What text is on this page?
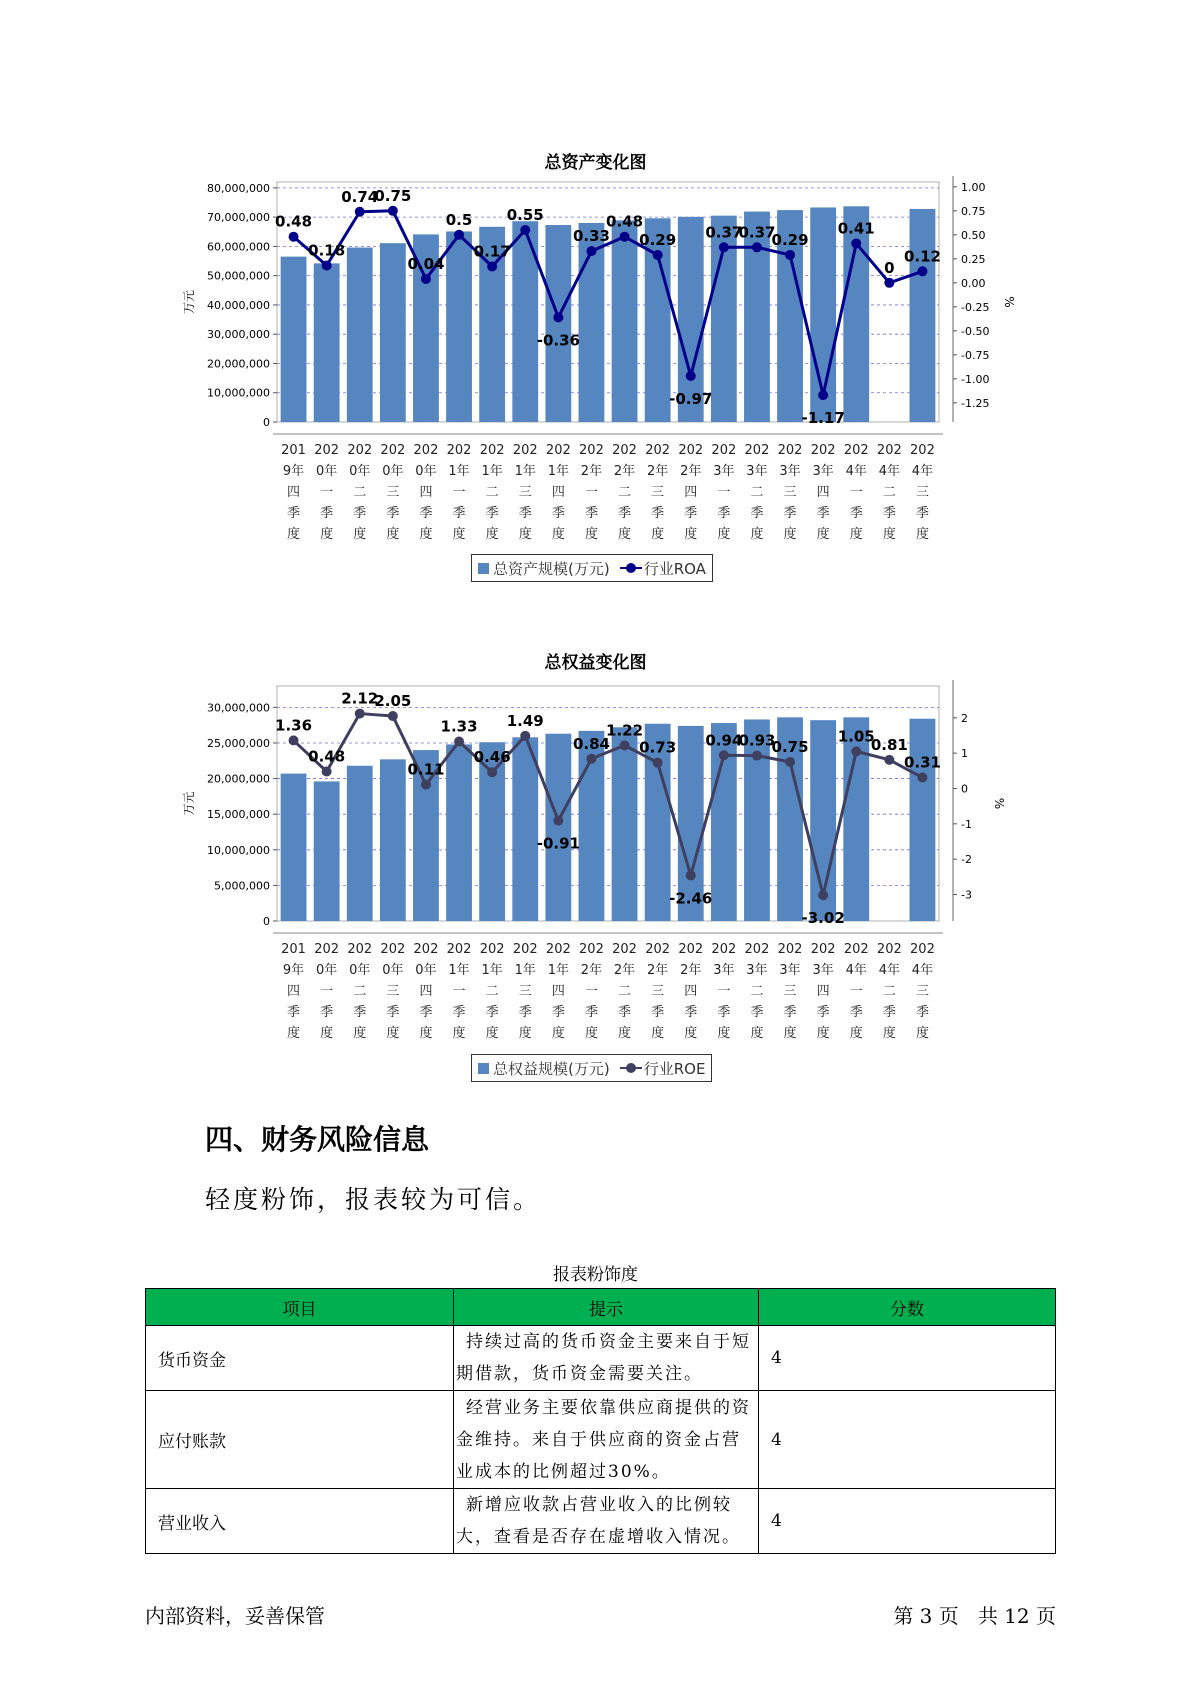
总资产变化图
0
10,000,000
20,000,000
30,000,000
40,000,000
50,000,000
60,000,000
70,000,000
80,000,000
万元
1.00
0.75
0.50
0.25
0.00
-0.25
-0.50
-0.75
-1.00
-1.25
%
201
9年
四
季
度
202
0年
一
季
度
202
0年
二
季
度
202
0年
三
季
度
202
0年
四
季
度
202
1年
一
季
度
202
1年
二
季
度
202
1年
三
季
度
202
1年
四
季
度
202
2年
一
季
度
202
2年
二
季
度
202
2年
三
季
度
202
2年
四
季
度
202
3年
一
季
度
202
3年
二
季
度
202
3年
三
季
度
202
3年
四
季
度
202
4年
一
季
度
202
4年
二
季
度
202
4年
三
季
度
0.48
0.18
0.74
0.75
0.04
0.5
0.17
0.55
-0.36
0.33
0.48
0.29
-0.97
0.37
0.37
0.29
-1.17
0.41
0
0.12
总资产规模(万元) 行业ROA
总权益变化图
0
5,000,000
10,000,000
15,000,000
20,000,000
25,000,000
30,000,000
万元
2
1
0
-1
-2
-3
%
201
9年
四
季
度
202
0年
一
季
度
202
0年
二
季
度
202
0年
三
季
度
202
0年
四
季
度
202
1年
一
季
度
202
1年
二
季
度
202
1年
三
季
度
202
1年
四
季
度
202
2年
一
季
度
202
2年
二
季
度
202
2年
三
季
度
202
2年
四
季
度
202
3年
一
季
度
202
3年
二
季
度
202
3年
三
季
度
202
3年
四
季
度
202
4年
一
季
度
202
4年
二
季
度
202
4年
三
季
度
1.36
0.48
2.12
2.05
0.11
1.33
0.46
1.49
-0.91
0.84
1.22
0.73
-2.46
0.94
0.93
0.75
-3.02
1.05
0.81
0.31
总权益规模(万元) 行业ROE
四、财务风险信息
轻度粉饰，报表较为可信。
报表粉饰度
项目	提示	分数
货币资金	持续过高的货币资金主要来自于短期借款，货币资金需要关注。	4
应付账款	经营业务主要依靠供应商提供的资金维持。来自于供应商的资金占营业成本的比例超过30%。	4
营业收入	新增应收款占营业收入的比例较大，查看是否存在虚增收入情况。	4
内部资料，妥善保管	第 3 页   共 12 页
